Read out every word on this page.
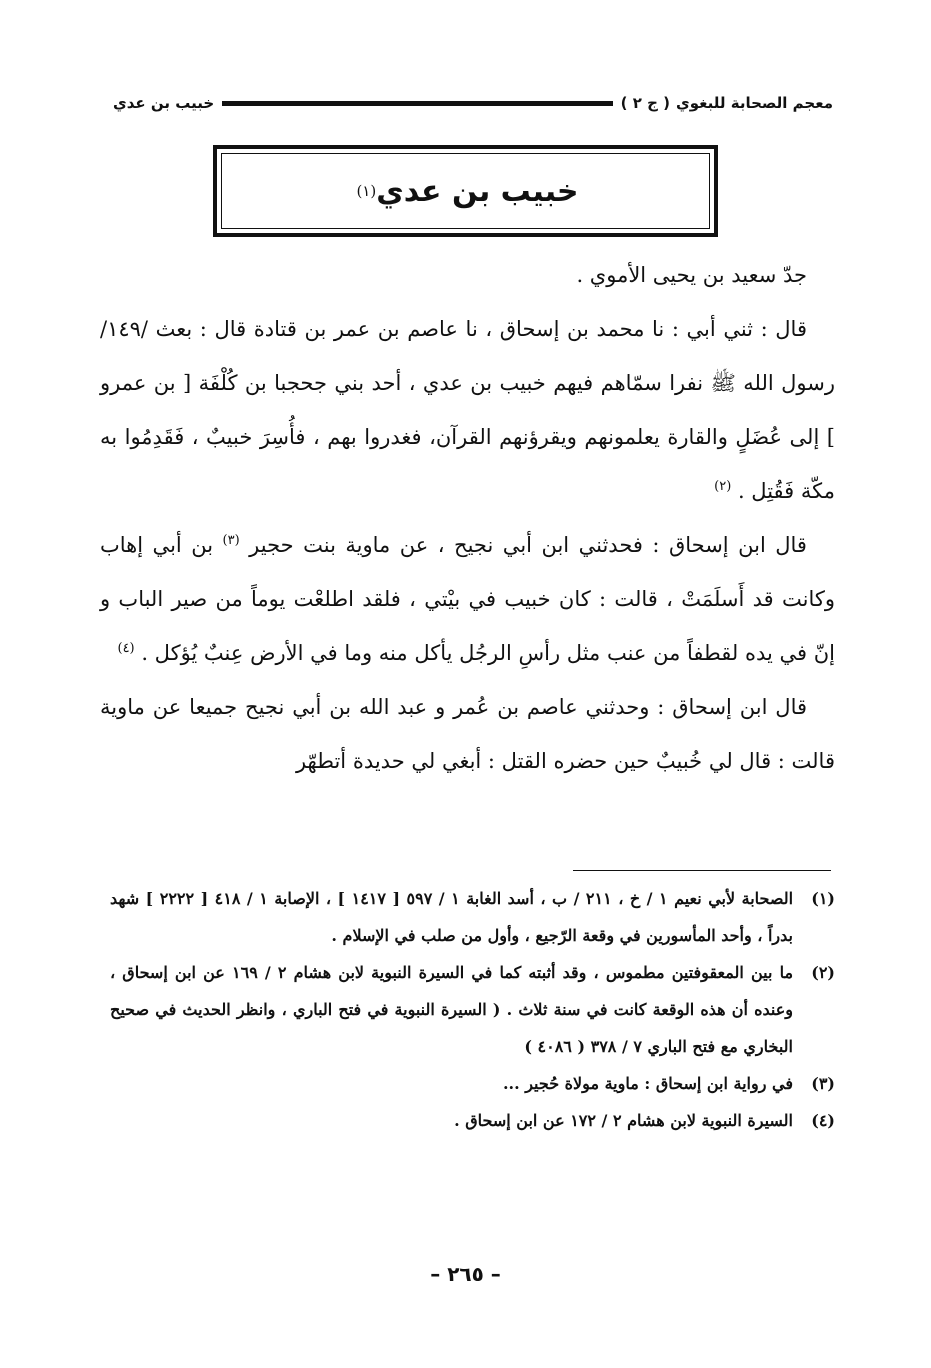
معجم الصحابة للبغوي
( ج ٢ )
خبيب بن عدي
خبيب بن عدي
(١)

جدّ سعيد بن يحيى الأموي .

قال : ثني أبي : نا محمد بن إسحاق ، نا عاصم بن عمر بن قتادة قال : بعث /١٤٩/ رسول الله ﷺ نفرا سمّاهم فيهم خبيب بن عدي ، أحد بني جحجبا بن كُلْفَة [ بن عمرو ] إلى عُضَلٍ والقارة يعلمونهم ويقرؤنهم القرآن، فغدروا بهم ، فأُسِرَ خبيبٌ ، فَقَدِمُوا به مكّة فَقُتِل . $^{(٢)}$

قال ابن إسحاق : فحدثني ابن أبي نجيح ، عن ماوية بنت حجير $^{(٣)}$ بن أبي إهاب وكانت قد أَسلَمَتْ ، قالت : كان خبيب في بيْتي ، فلقد اطلعْت يوماً من صير الباب و إنّ في يده لقطفاً من عنب مثل رأسِ الرجُل يأكل منه وما في الأرض عِنبٌ يُؤكل . $^{(٤)}$

قال ابن إسحاق : وحدثني عاصم بن عُمر و عبد الله بن أبي نجيح جميعا عن ماوية قالت : قال لي خُبيبٌ حين حضره القتل : أبغي لي حديدة أتطهّر

(١)
الصحابة لأبي نعيم ١ / خ ، ٢١١ / ب ، أسد الغابة ١ / ٥٩٧ [ ١٤١٧ ] ، الإصابة ١ / ٤١٨ [ ٢٢٢٢ ] شهد بدراً ، وأحد المأسورين في وقعة الرّجيع ، وأول من صلب في الإسلام .
(٢)
ما بين المعقوفتين مطموس ، وقد أثبته كما في السيرة النبوية لابن هشام ٢ / ١٦٩ عن ابن إسحاق ، وعنده أن هذه الوقعة كانت في سنة ثلاث . ( السيرة النبوية في فتح الباري ، وانظر الحديث في صحيح البخاري مع فتح الباري ٧ / ٣٧٨ ( ٤٠٨٦ )
(٣)
في رواية ابن إسحاق : ماوية مولاة حُجير ...
(٤)
السيرة النبوية لابن هشام ٢ / ١٧٢ عن ابن إسحاق .
– ٢٦٥ –
